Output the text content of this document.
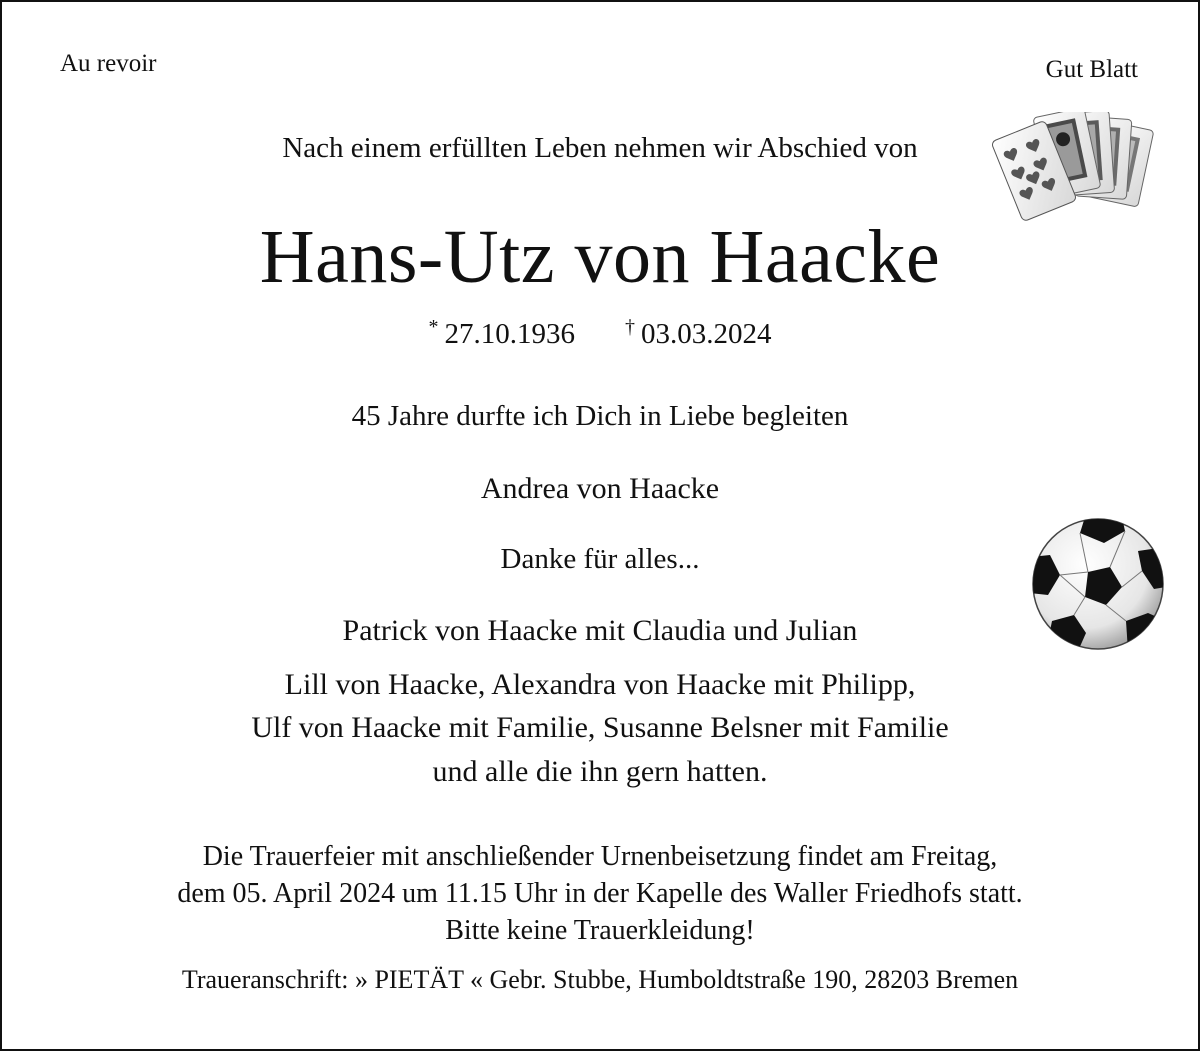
Au revoir	Gut Blatt
Nach einem erfüllten Leben nehmen wir Abschied von
Hans-Utz von Haacke
* 27.10.1936	† 03.03.2024
45 Jahre durfte ich Dich in Liebe begleiten
Andrea von Haacke
Danke für alles...
Patrick von Haacke mit Claudia und Julian
Lill von Haacke, Alexandra von Haacke mit Philipp,
Ulf von Haacke mit Familie, Susanne Belsner mit Familie
und alle die ihn gern hatten.
Die Trauerfeier mit anschließender Urnenbeisetzung findet am Freitag,
dem 05. April 2024 um 11.15 Uhr in der Kapelle des Waller Friedhofs statt.
Bitte keine Trauerkleidung!
Traueranschrift: » PIETÄT « Gebr. Stubbe, Humboldtstraße 190, 28203 Bremen
